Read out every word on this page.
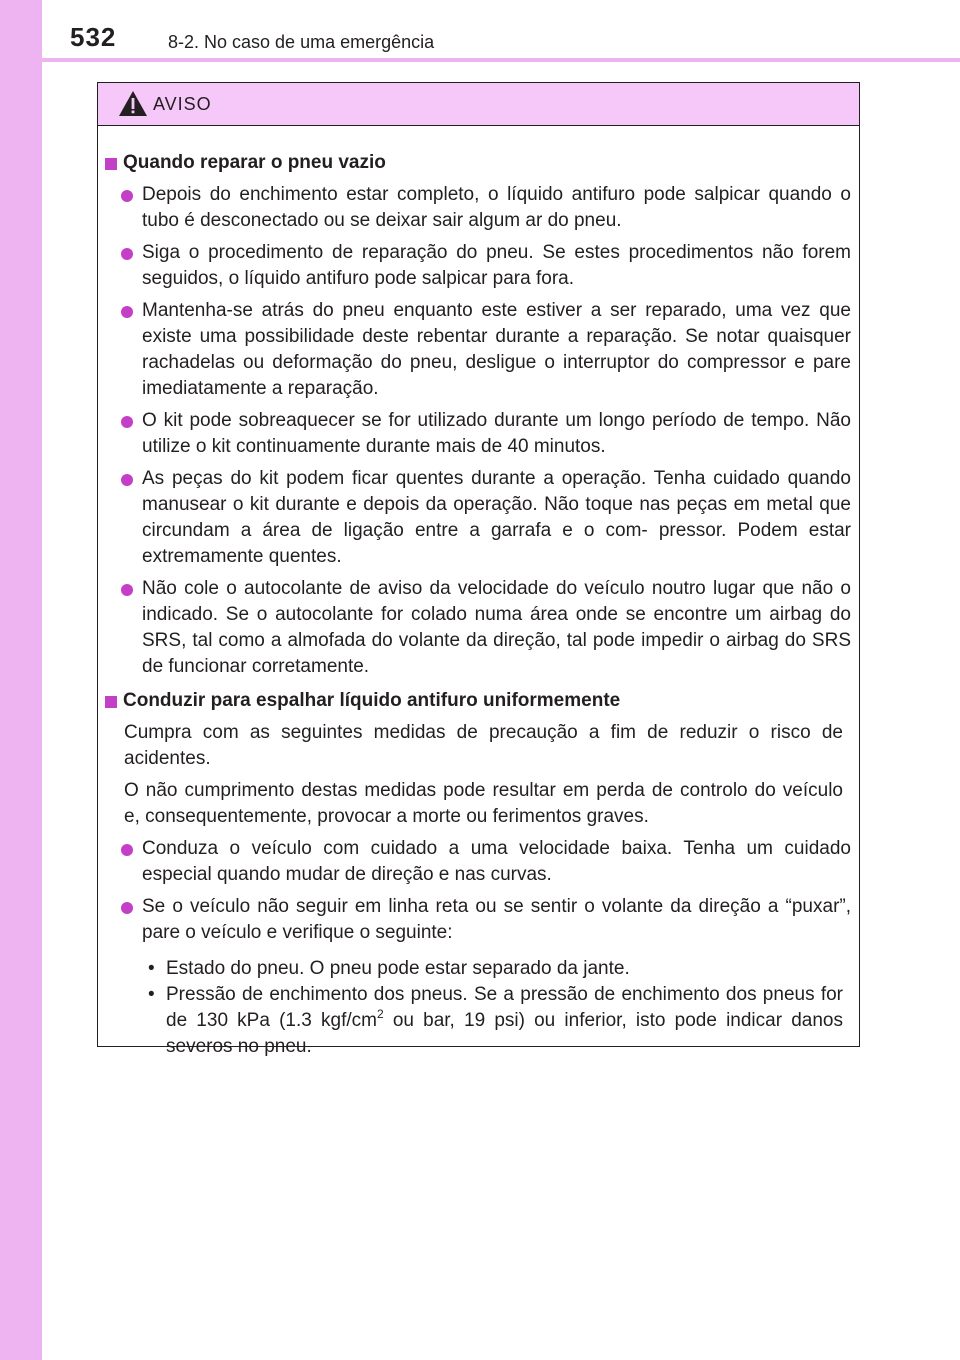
532	8-2. No caso de uma emergência
AVISO
Quando reparar o pneu vazio
Depois do enchimento estar completo, o líquido antifuro pode salpicar quando o tubo é desconectado ou se deixar sair algum ar do pneu.
Siga o procedimento de reparação do pneu. Se estes procedimentos não forem seguidos, o líquido antifuro pode salpicar para fora.
Mantenha-se atrás do pneu enquanto este estiver a ser reparado, uma vez que existe uma possibilidade deste rebentar durante a reparação. Se notar quaisquer rachadelas ou deformação do pneu, desligue o interruptor do compressor e pare imediatamente a reparação.
O kit pode sobreaquecer se for utilizado durante um longo período de tempo. Não utilize o kit continuamente durante mais de 40 minutos.
As peças do kit podem ficar quentes durante a operação. Tenha cuidado quando manusear o kit durante e depois da operação. Não toque nas peças em metal que circundam a área de ligação entre a garrafa e o com- pressor. Podem estar extremamente quentes.
Não cole o autocolante de aviso da velocidade do veículo noutro lugar que não o indicado. Se o autocolante for colado numa área onde se encontre um airbag do SRS, tal como a almofada do volante da direção, tal pode impedir o airbag do SRS de funcionar corretamente.
Conduzir para espalhar líquido antifuro uniformemente
Cumpra com as seguintes medidas de precaução a fim de reduzir o risco de acidentes.
O não cumprimento destas medidas pode resultar em perda de controlo do veículo e, consequentemente, provocar a morte ou ferimentos graves.
Conduza o veículo com cuidado a uma velocidade baixa. Tenha um cuidado especial quando mudar de direção e nas curvas.
Se o veículo não seguir em linha reta ou se sentir o volante da direção a “puxar”, pare o veículo e verifique o seguinte:
• Estado do pneu. O pneu pode estar separado da jante.
• Pressão de enchimento dos pneus. Se a pressão de enchimento dos pneus for de 130 kPa (1.3 kgf/$cm^2$ ou bar, 19 psi) ou inferior, isto pode indicar danos severos no pneu.
